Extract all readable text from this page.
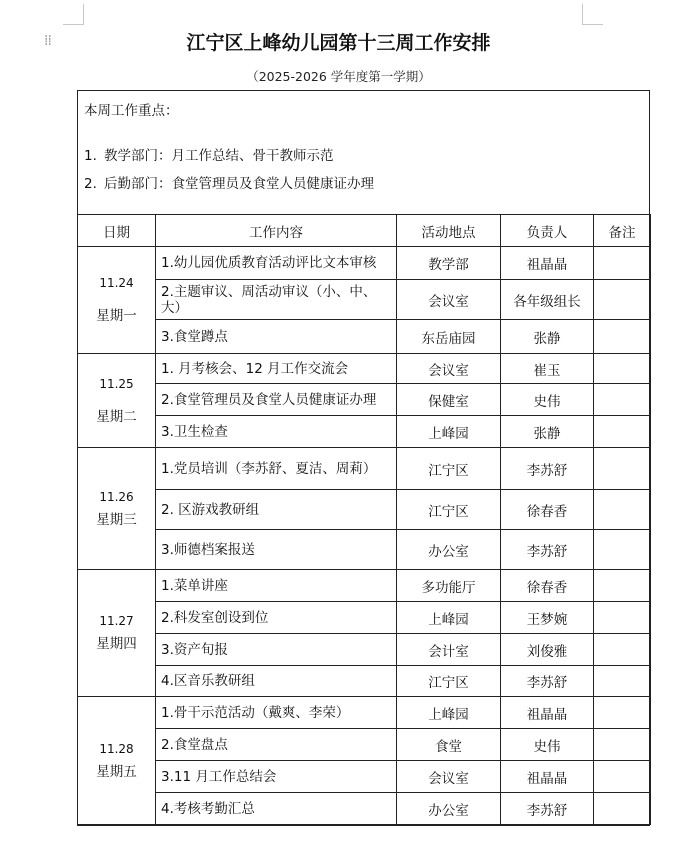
⁞⁞	江宁区上峰幼儿园第十三周工作安排
（2025-2026 学年度第一学期）
本周工作重点：
1. 教学部门：月工作总结、骨干教师示范
2. 后勤部门：食堂管理员及食堂人员健康证办理
日期	工作内容	活动地点	负责人	备注

11.24
星期一	1.幼儿园优质教育活动评比文本审核	教学部	祖晶晶	
	2.主题审议、周活动审议（小、中、大）	会议室	各年级组长	
	3.食堂蹲点	东岳庙园	张静	

11.25
星期二	1. 月考核会、12 月工作交流会	会议室	崔玉	
	2.食堂管理员及食堂人员健康证办理	保健室	史伟	
	3.卫生检查	上峰园	张静	

11.26
星期三	1.党员培训（李苏舒、夏洁、周莉）	江宁区	李苏舒	
	2. 区游戏教研组	江宁区	徐春香	
	3.师德档案报送	办公室	李苏舒	

11.27
星期四	1.菜单讲座	多功能厅	徐春香	
	2.科发室创设到位	上峰园	王梦婉	
	3.资产旬报	会计室	刘俊雅	
	4.区音乐教研组	江宁区	李苏舒	

11.28
星期五	1.骨干示范活动（戴爽、李荣）	上峰园	祖晶晶	
	2.食堂盘点	食堂	史伟	
	3.11 月工作总结会	会议室	祖晶晶	
	4.考核考勤汇总	办公室	李苏舒	
